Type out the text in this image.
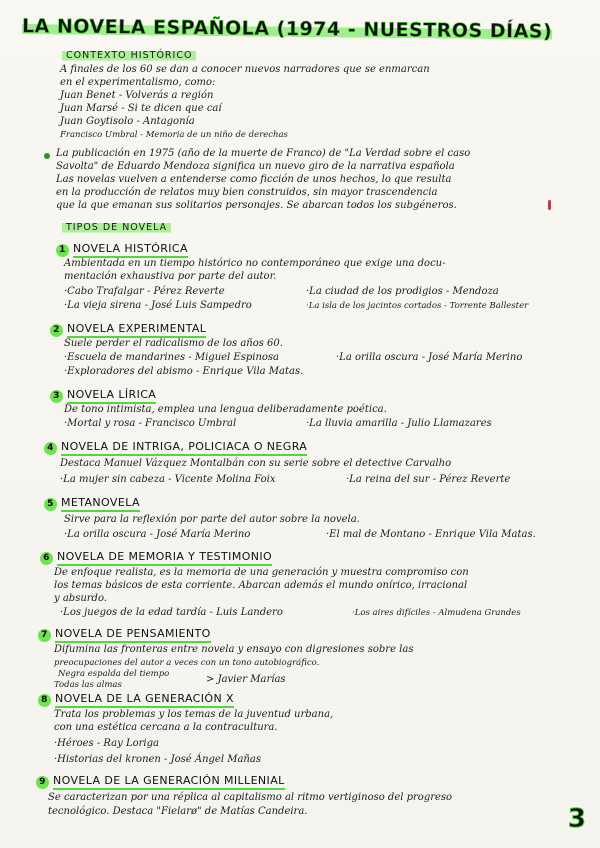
LA NOVELA ESPAÑOLA (1974 - NUESTROS DÍAS)
CONTEXTO HISTÓRICO
A finales de los 60 se dan a conocer nuevos narradores que se enmarcan
en el experimentalismo, como:
Juan Benet - Volverás a región
Juan Marsé - Si te dicen que caí
Juan Goytisolo - Antagonía
Francisco Umbral - Memoria de un niño de derechas
La publicación en 1975 (año de la muerte de Franco) de "La Verdad sobre el caso
Savolta" de Eduardo Mendoza significa un nuevo giro de la narrativa española
Las novelas vuelven a entenderse como ficción de unos hechos, lo que resulta
en la producción de relatos muy bien construidos, sin mayor trascendencia
que la que emanan sus solitarios personajes. Se abarcan todos los subgéneros.
TIPOS DE NOVELA
1 NOVELA HISTÓRICA
Ambientada en un tiempo histórico no contemporáneo que exige una docu-
mentación exhaustiva por parte del autor.
·Cabo Trafalgar - Pérez Reverte	·La ciudad de los prodigios - Mendoza
·La vieja sirena - José Luis Sampedro	·La isla de los jacintos cortados - Torrente Ballester
2 NOVELA EXPERIMENTAL
Suele perder el radicalismo de los años 60.
·Escuela de mandarines - Miguel Espinosa	·La orilla oscura - José María Merino
·Exploradores del abismo - Enrique Vila Matas.
3 NOVELA LÍRICA
De tono intimista, emplea una lengua deliberadamente poética.
·Mortal y rosa - Francisco Umbral	·La lluvia amarilla - Julio Llamazares
4 NOVELA DE INTRIGA, POLICIACA O NEGRA
Destaca Manuel Vázquez Montalbán con su serie sobre el detective Carvalho
·La mujer sin cabeza - Vicente Molina Foix	·La reina del sur - Pérez Reverte
5 METANOVELA
Sirve para la reflexión por parte del autor sobre la novela.
·La orilla oscura - José María Merino	·El mal de Montano - Enrique Vila Matas.
6 NOVELA DE MEMORIA Y TESTIMONIO
De enfoque realista, es la memoria de una generación y muestra compromiso con
los temas básicos de esta corriente. Abarcan además el mundo onírico, irracional
y absurdo.
·Los juegos de la edad tardía - Luis Landero	·Los aires difíciles - Almudena Grandes
7 NOVELA DE PENSAMIENTO
Difumina las fronteras entre novela y ensayo con digresiones sobre las
preocupaciones del autor a veces con un tono autobiográfico.
Negra espalda del tiempo
Todas las almas	> Javier Marías
8 NOVELA DE LA GENERACIÓN X
Trata los problemas y los temas de la juventud urbana,
con una estética cercana a la contracultura.
·Héroes - Ray Loriga
·Historias del kronen - José Ángel Mañas
9 NOVELA DE LA GENERACIÓN MILLENIAL
Se caracterizan por una réplica al capitalismo al ritmo vertiginoso del progreso
tecnológico. Destaca "Fielarø" de Matías Candeira.	3
